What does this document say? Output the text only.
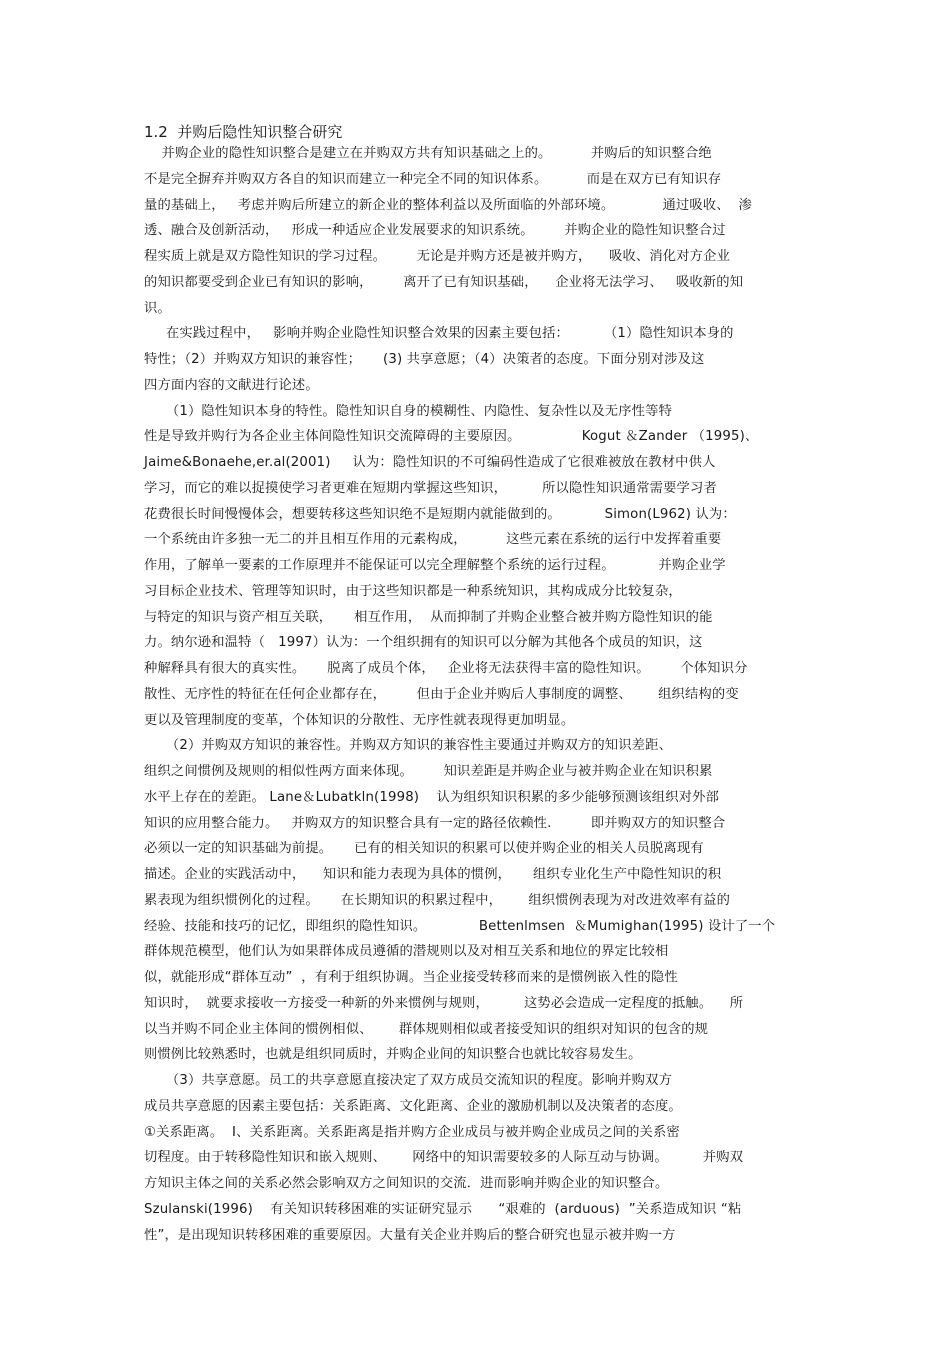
1.2  并购后隐性知识整合研究
并购企业的隐性知识整合是建立在并购双方共有知识基础之上的。         并购后的知识整合绝
不是完全摒弃并购双方各自的知识而建立一种完全不同的知识体系。         而是在双方已有知识存
量的基础上，   考虑并购后所建立的新企业的整体利益以及所面临的外部环境。           通过吸收、  渗
透、融合及创新活动，   形成一种适应企业发展要求的知识系统。       并购企业的隐性知识整合过
程实质上就是双方隐性知识的学习过程。       无论是并购方还是被并购方，    吸收、消化对方企业
的知识都要受到企业已有知识的影响，       离开了已有知识基础，    企业将无法学习、   吸收新的知
识。
在实践过程中，   影响并购企业隐性知识整合效果的因素主要包括：        （1）隐性知识本身的
特性；（2）并购双方知识的兼容性；     (3) 共享意愿；（4）决策者的态度。下面分别对涉及这
四方面内容的文献进行论述。
（1）隐性知识本身的特性。隐性知识自身的模糊性、内隐性、复杂性以及无序性等特
性是导致并购行为各企业主体间隐性知识交流障碍的主要原因。              Kogut ＆Zander （1995)、
Jaime&Bonaehe,er.al(2001)     认为：隐性知识的不可编码性造成了它很难被放在教材中供人
学习，而它的难以捉摸使学习者更难在短期内掌握这些知识，        所以隐性知识通常需要学习者
花费很长时间慢慢体会，想要转移这些知识绝不是短期内就能做到的。          Simon(L962) 认为：
一个系统由许多独一无二的并且相互作用的元素构成，         这些元素在系统的运行中发挥着重要
作用，了解单一要素的工作原理并不能保证可以完全理解整个系统的运行过程。          并购企业学
习目标企业技术、管理等知识时，由于这些知识都是一种系统知识，其构成成分比较复杂，
与特定的知识与资产相互关联，     相互作用，  从而抑制了并购企业整合被并购方隐性知识的能
力。纳尔逊和温特（   1997）认为：一个组织拥有的知识可以分解为其他各个成员的知识，这
种解释具有很大的真实性。     脱离了成员个体，   企业将无法获得丰富的隐性知识。       个体知识分
散性、无序性的特征在任何企业都存在，       但由于企业并购后人事制度的调整、      组织结构的变
更以及管理制度的变革，个体知识的分散性、无序性就表现得更加明显。
（2）并购双方知识的兼容性。并购双方知识的兼容性主要通过并购双方的知识差距、
组织之间惯例及规则的相似性两方面来体现。       知识差距是并购企业与被并购企业在知识积累
水平上存在的差距。 Lane＆Lubatkln(1998)    认为组织知识积累的多少能够预测该组织对外部
知识的应用整合能力。   并购双方的知识整合具有一定的路径依赖性.         即并购双方的知识整合
必须以一定的知识基础为前提。     已有的相关知识的积累可以使并购企业的相关人员脱离现有
描述。企业的实践活动中，    知识和能力表现为具体的惯例，     组织专业化生产中隐性知识的积
累表现为组织惯例化的过程。     在长期知识的积累过程中，      组织惯例表现为对改进效率有益的
经验、技能和技巧的记忆，即组织的隐性知识。            Bettenlmsen  ＆Mumighan(1995) 设计了一个
群体规范模型，他们认为如果群体成员遵循的潜规则以及对相互关系和地位的界定比较相
似，就能形成“群体互动”  ，有利于组织协调。当企业接受转移而来的是惯例嵌入性的隐性
知识时，  就要求接收一方接受一种新的外来惯例与规则，        这势必会造成一定程度的抵触。    所
以当并购不同企业主体间的惯例相似、      群体规则相似或者接受知识的组织对知识的包含的规
则惯例比较熟悉时，也就是组织同质时，并购企业间的知识整合也就比较容易发生。
（3）共享意愿。员工的共享意愿直接决定了双方成员交流知识的程度。影响并购双方
成员共享意愿的因素主要包括：关系距离、文化距离、企业的激励机制以及决策者的态度。
①关系距离。  Ⅰ、关系距离。关系距离是指并购方企业成员与被并购企业成员之间的关系密
切程度。由于转移隐性知识和嵌入规则、      网络中的知识需要较多的人际互动与协调。        并购双
方知识主体之间的关系必然会影响双方之间知识的交流．进而影响并购企业的知识整合。
Szulanski(1996)    有关知识转移困难的实证研究显示      “艰难的  (arduous)  ”关系造成知识 “粘
性”，是出现知识转移困难的重要原因。大量有关企业并购后的整合研究也显示被并购一方
